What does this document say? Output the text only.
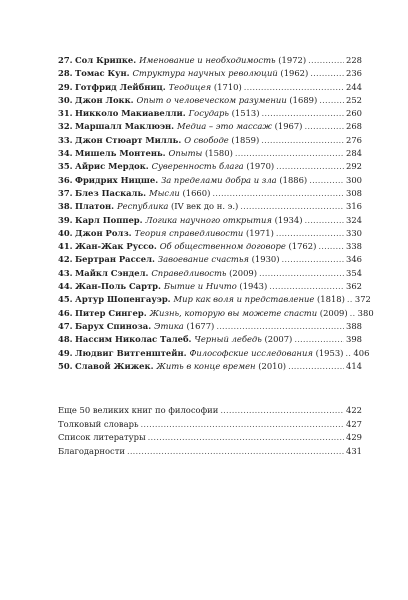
27. Сол Крипке. Именование и необходимость (1972) .....	228
28. Томас Кун. Структура научных революций (1962) .....	236
29. Готфрид Лейбниц. Теодицея (1710) .....	244
30. Джон Локк. Опыт о человеческом разумении (1689) .....	252
31. Никколо Макиавелли. Государь (1513) .....	260
32. Маршалл Маклюэн. Медиа – это массаж (1967) .....	268
33. Джон Стюарт Милль. О свободе (1859) .....	276
34. Мишель Монтень. Опыты (1580) .....	284
35. Айрис Мердок. Суверенность блага (1970) .....	292
36. Фридрих Ницше. За пределами добра и зла (1886) .....	300
37. Блез Паскаль. Мысли (1660) .....	308
38. Платон. Республика (IV век до н. э.) .....	316
39. Карл Поппер. Логика научного открытия (1934) .....	324
40. Джон Ролз. Теория справедливости (1971) .....	330
41. Жан-Жак Руссо. Об общественном договоре (1762) .....	338
42. Бертран Рассел. Завоевание счастья (1930) .....	346
43. Майкл Сэндел. Справедливость (2009) .....	354
44. Жан-Поль Сартр. Бытие и Ничто (1943) .....	362
45. Артур Шопенгауэр. Мир как воля и представление (1818) ..... 372
46. Питер Сингер. Жизнь, которую вы можете спасти (2009) ..... 380
47. Барух Спиноза. Этика (1677) .....	388
48. Нассим Николас Талеб. Черный лебедь (2007) .....	398
49. Людвиг Витгенштейн. Философские исследования (1953) ..... 406
50. Славой Жижек. Жить в конце времен (2010) .....	414
Еще 50 великих книг по философии .....	422
Толковый словарь .....	427
Список литературы .....	429
Благодарности .....	431
